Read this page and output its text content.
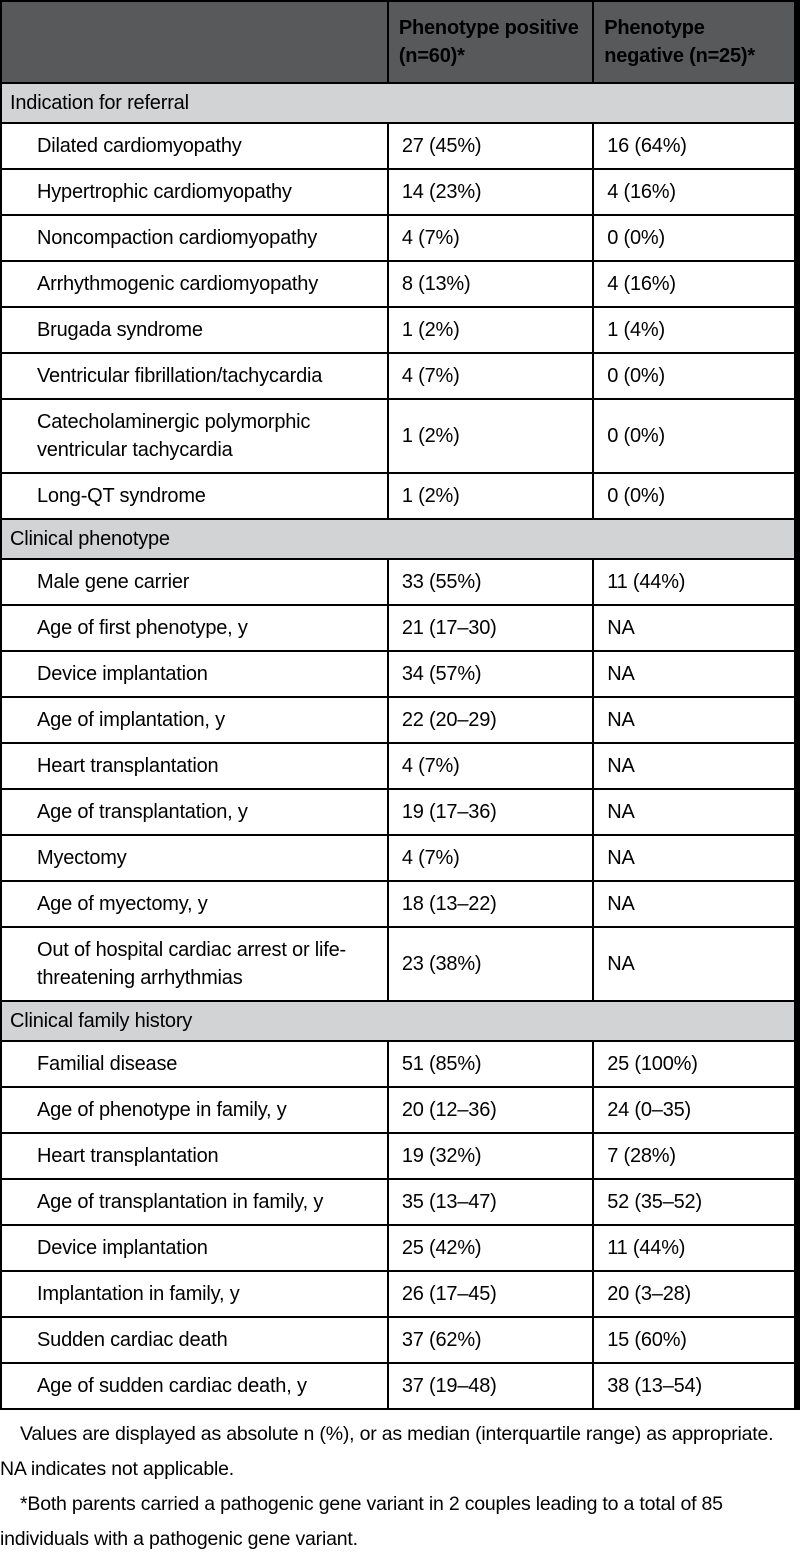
	Phenotype positive (n=60)*	Phenotype negative (n=25)*
Indication for referral		
Dilated cardiomyopathy	27 (45%)	16 (64%)
Hypertrophic cardiomyopathy	14 (23%)	4 (16%)
Noncompaction cardiomyopathy	4 (7%)	0 (0%)
Arrhythmogenic cardiomyopathy	8 (13%)	4 (16%)
Brugada syndrome	1 (2%)	1 (4%)
Ventricular fibrillation/tachycardia	4 (7%)	0 (0%)
Catecholaminergic polymorphic ventricular tachycardia	1 (2%)	0 (0%)
Long-QT syndrome	1 (2%)	0 (0%)
Clinical phenotype		
Male gene carrier	33 (55%)	11 (44%)
Age of first phenotype, y	21 (17–30)	NA
Device implantation	34 (57%)	NA
Age of implantation, y	22 (20–29)	NA
Heart transplantation	4 (7%)	NA
Age of transplantation, y	19 (17–36)	NA
Myectomy	4 (7%)	NA
Age of myectomy, y	18 (13–22)	NA
Out of hospital cardiac arrest or life-threatening arrhythmias	23 (38%)	NA
Clinical family history		
Familial disease	51 (85%)	25 (100%)
Age of phenotype in family, y	20 (12–36)	24 (0–35)
Heart transplantation	19 (32%)	7 (28%)
Age of transplantation in family, y	35 (13–47)	52 (35–52)
Device implantation	25 (42%)	11 (44%)
Implantation in family, y	26 (17–45)	20 (3–28)
Sudden cardiac death	37 (62%)	15 (60%)
Age of sudden cardiac death, y	37 (19–48)	38 (13–54)

Values are displayed as absolute n (%), or as median (interquartile range) as appropriate. NA indicates not applicable.

*Both parents carried a pathogenic gene variant in 2 couples leading to a total of 85 individuals with a pathogenic gene variant.
